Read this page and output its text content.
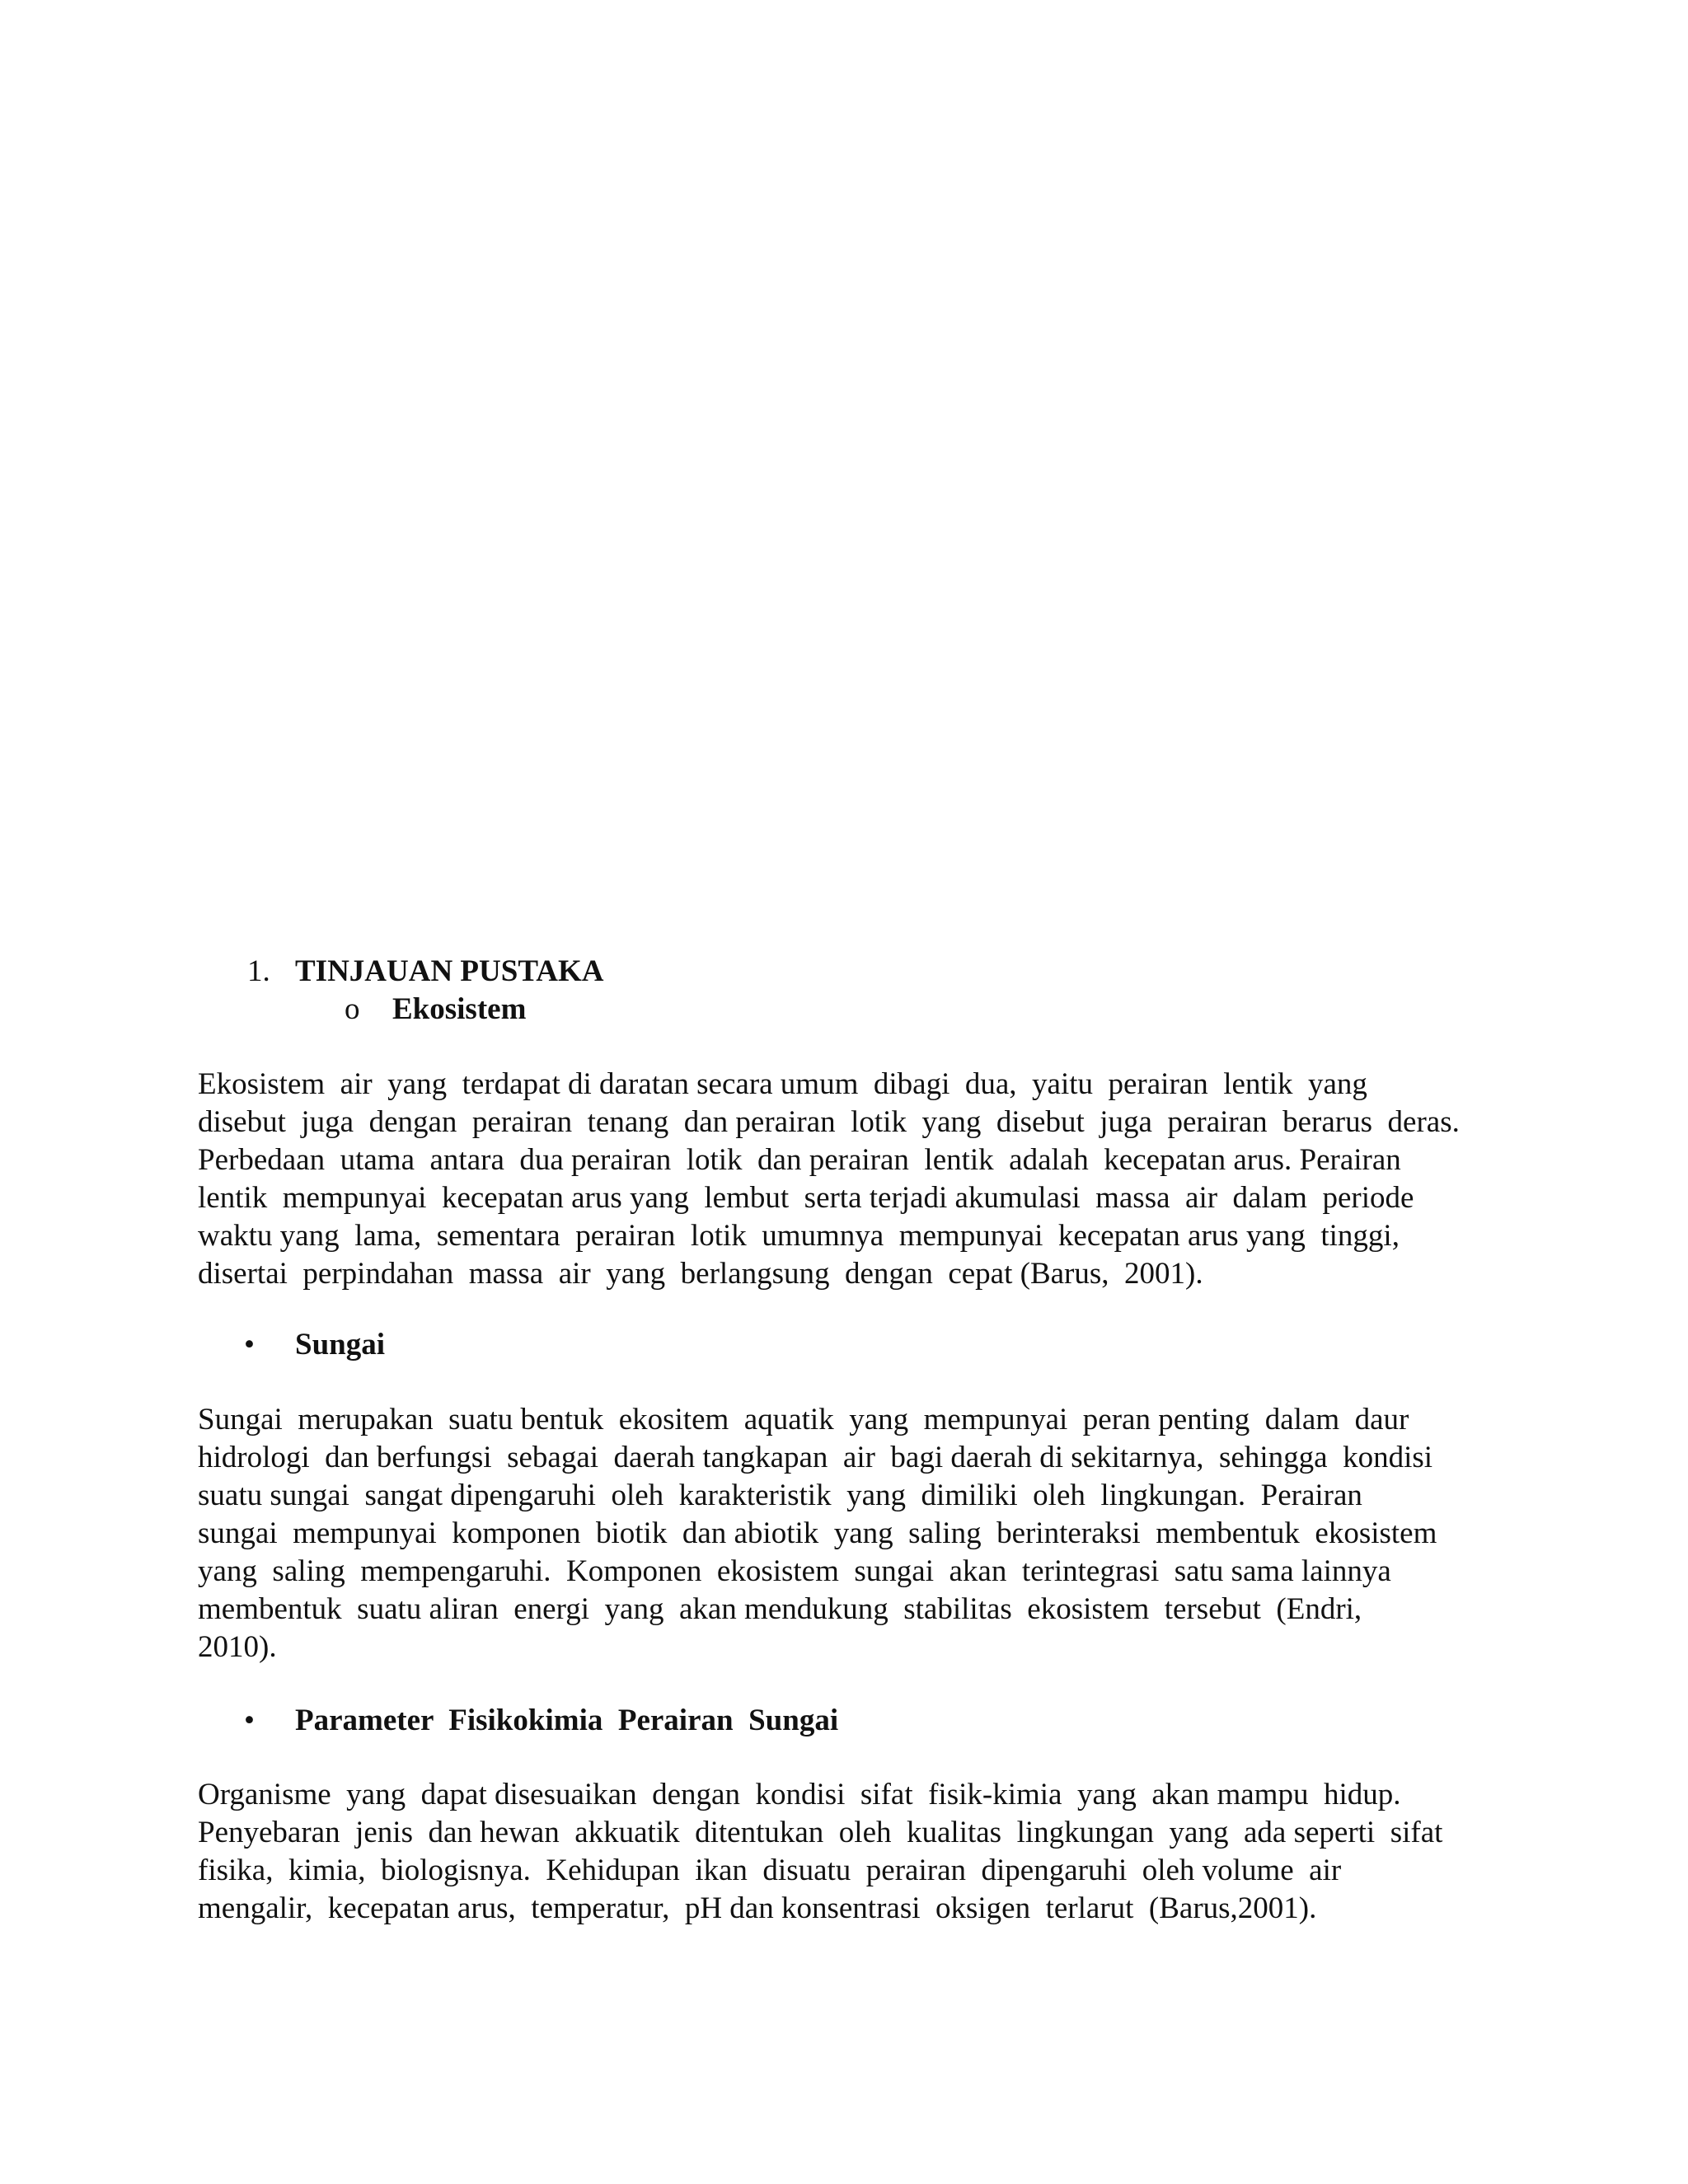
1. TINJAUAN PUSTAKA
o Ekosistem
Ekosistem  air  yang  terdapat di daratan secara umum  dibagi  dua,  yaitu  perairan  lentik  yang
disebut  juga  dengan  perairan  tenang  dan perairan  lotik  yang  disebut  juga  perairan  berarus  deras.
Perbedaan  utama  antara  dua perairan  lotik  dan perairan  lentik  adalah  kecepatan arus. Perairan
lentik  mempunyai  kecepatan arus yang  lembut  serta terjadi akumulasi  massa  air  dalam  periode
waktu yang  lama,  sementara  perairan  lotik  umumnya  mempunyai  kecepatan arus yang  tinggi,
disertai  perpindahan  massa  air  yang  berlangsung  dengan  cepat (Barus,  2001).
• Sungai
Sungai  merupakan  suatu bentuk  ekositem  aquatik  yang  mempunyai  peran penting  dalam  daur
hidrologi  dan berfungsi  sebagai  daerah tangkapan  air  bagi daerah di sekitarnya,  sehingga  kondisi
suatu sungai  sangat dipengaruhi  oleh  karakteristik  yang  dimiliki  oleh  lingkungan.  Perairan
sungai  mempunyai  komponen  biotik  dan abiotik  yang  saling  berinteraksi  membentuk  ekosistem
yang  saling  mempengaruhi.  Komponen  ekosistem  sungai  akan  terintegrasi  satu sama lainnya
membentuk  suatu aliran  energi  yang  akan mendukung  stabilitas  ekosistem  tersebut  (Endri,
2010).
• Parameter  Fisikokimia  Perairan  Sungai
Organisme  yang  dapat disesuaikan  dengan  kondisi  sifat  fisik-kimia  yang  akan mampu  hidup.
Penyebaran  jenis  dan hewan  akkuatik  ditentukan  oleh  kualitas  lingkungan  yang  ada seperti  sifat
fisika,  kimia,  biologisnya.  Kehidupan  ikan  disuatu  perairan  dipengaruhi  oleh volume  air
mengalir,  kecepatan arus,  temperatur,  pH dan konsentrasi  oksigen  terlarut  (Barus,2001).
